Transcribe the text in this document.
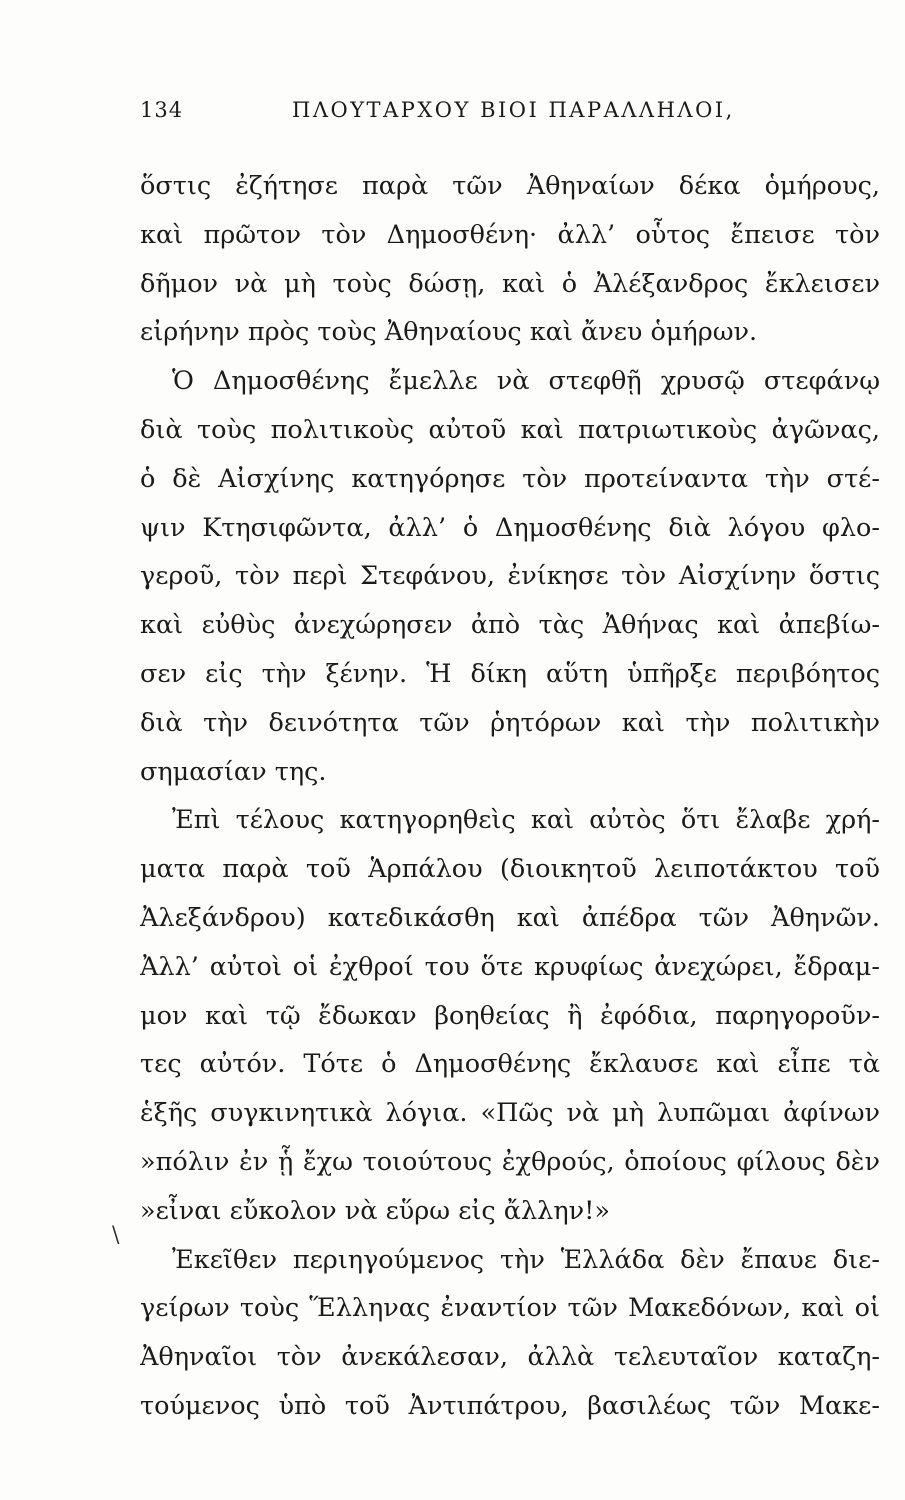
134	ΠΛΟΥΤΑΡΧΟΥ ΒΙΟΙ ΠΑΡΑΛΛΗΛΟΙ,
ὅστις ἐζήτησε παρὰ τῶν Ἀθηναίων δέκα ὁμήρους,
καὶ πρῶτον τὸν Δημοσθένη· ἀλλ’ οὗτος ἔπεισε τὸν
δῆμον νὰ μὴ τοὺς δώσῃ, καὶ ὁ Ἀλέξανδρος ἔκλεισεν
εἰρήνην πρὸς τοὺς Ἀθηναίους καὶ ἄνευ ὁμήρων.
Ὁ Δημοσθένης ἔμελλε νὰ στεφθῇ χρυσῷ στεφάνῳ
διὰ τοὺς πολιτικοὺς αὐτοῦ καὶ πατριωτικοὺς ἀγῶνας,
ὁ δὲ Αἰσχίνης κατηγόρησε τὸν προτείναντα τὴν στέ-
ψιν Κτησιφῶντα, ἀλλ’ ὁ Δημοσθένης διὰ λόγου φλο-
γεροῦ, τὸν περὶ Στεφάνου, ἐνίκησε τὸν Αἰσχίνην ὅστις
καὶ εὐθὺς ἀνεχώρησεν ἀπὸ τὰς Ἀθήνας καὶ ἀπεβίω-
σεν εἰς τὴν ξένην. Ἡ δίκη αὕτη ὑπῆρξε περιβόητος
διὰ τὴν δεινότητα τῶν ῥητόρων καὶ τὴν πολιτικὴν
σημασίαν της.
Ἐπὶ τέλους κατηγορηθεὶς καὶ αὐτὸς ὅτι ἔλαβε χρή-
ματα παρὰ τοῦ Ἁρπάλου (διοικητοῦ λειποτάκτου τοῦ
Ἀλεξάνδρου) κατεδικάσθη καὶ ἀπέδρα τῶν Ἀθηνῶν.
Ἀλλ’ αὐτοὶ οἱ ἐχθροί του ὅτε κρυφίως ἀνεχώρει, ἔδραμ-
μον καὶ τῷ ἔδωκαν βοηθείας ἢ ἐφόδια, παρηγοροῦν-
τες αὐτόν. Τότε ὁ Δημοσθένης ἔκλαυσε καὶ εἶπε τὰ
ἑξῆς συγκινητικὰ λόγια. «Πῶς νὰ μὴ λυπῶμαι ἀφίνων
»πόλιν ἐν ᾗ ἔχω τοιούτους ἐχθρούς, ὁποίους φίλους δὲν
»εἶναι εὔκολον νὰ εὕρω εἰς ἄλλην!»
Ἐκεῖθεν περιηγούμενος τὴν Ἑλλάδα δὲν ἔπαυε διε-
γείρων τοὺς Ἕλληνας ἐναντίον τῶν Μακεδόνων, καὶ οἱ
Ἀθηναῖοι τὸν ἀνεκάλεσαν, ἀλλὰ τελευταῖον καταζη-
τούμενος ὑπὸ τοῦ Ἀντιπάτρου, βασιλέως τῶν Μακε-
\
